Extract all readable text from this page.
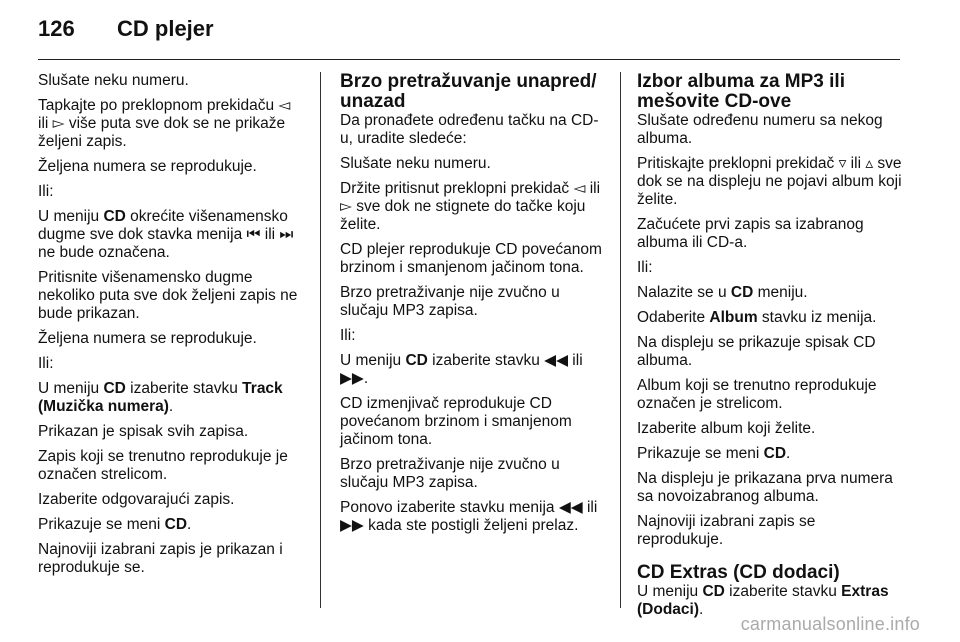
126 CD plejer

Slušate neku numeru.

Tapkajte po preklopnom prekidaču ◅ ili ▻ više puta sve dok se ne prikaže željeni zapis.

Željena numera se reprodukuje.

Ili:

U meniju CD okrećite višenamensko dugme sve dok stavka menija ⏮ ili ⏭ ne bude označena.

Pritisnite višenamensko dugme nekoliko puta sve dok željeni zapis ne bude prikazan.

Željena numera se reprodukuje.

Ili:

U meniju CD izaberite stavku Track (Muzička numera).

Prikazan je spisak svih zapisa.

Zapis koji se trenutno reprodukuje je označen strelicom.

Izaberite odgovarajući zapis.

Prikazuje se meni CD.

Najnoviji izabrani zapis je prikazan i reprodukuje se.

Brzo pretražuvanje unapred/ unazad

Da pronađete određenu tačku na CD-u, uradite sledeće:

Slušate neku numeru.

Držite pritisnut preklopni prekidač ◅ ili ▻ sve dok ne stignete do tačke koju želite.

CD plejer reprodukuje CD povećanom brzinom i smanjenom jačinom tona.

Brzo pretraživanje nije zvučno u slučaju MP3 zapisa.

Ili:

U meniju CD izaberite stavku ◀◀ ili ▶▶.

CD izmenjivač reprodukuje CD povećanom brzinom i smanjenom jačinom tona.

Brzo pretraživanje nije zvučno u slučaju MP3 zapisa.

Ponovo izaberite stavku menija ◀◀ ili ▶▶ kada ste postigli željeni prelaz.

Izbor albuma za MP3 ili mešovite CD-ove

Slušate određenu numeru sa nekog albuma.

Pritiskajte preklopni prekidač ▿ ili ▵ sve dok se na displeju ne pojavi album koji želite.

Začućete prvi zapis sa izabranog albuma ili CD-a.

Ili:

Nalazite se u CD meniju.

Odaberite Album stavku iz menija.

Na displeju se prikazuje spisak CD albuma.

Album koji se trenutno reprodukuje označen je strelicom.

Izaberite album koji želite.

Prikazuje se meni CD.

Na displeju je prikazana prva numera sa novoizabranog albuma.

Najnoviji izabrani zapis se reprodukuje.

CD Extras (CD dodaci)

U meniju CD izaberite stavku Extras (Dodaci).

carmanualsonline.info
